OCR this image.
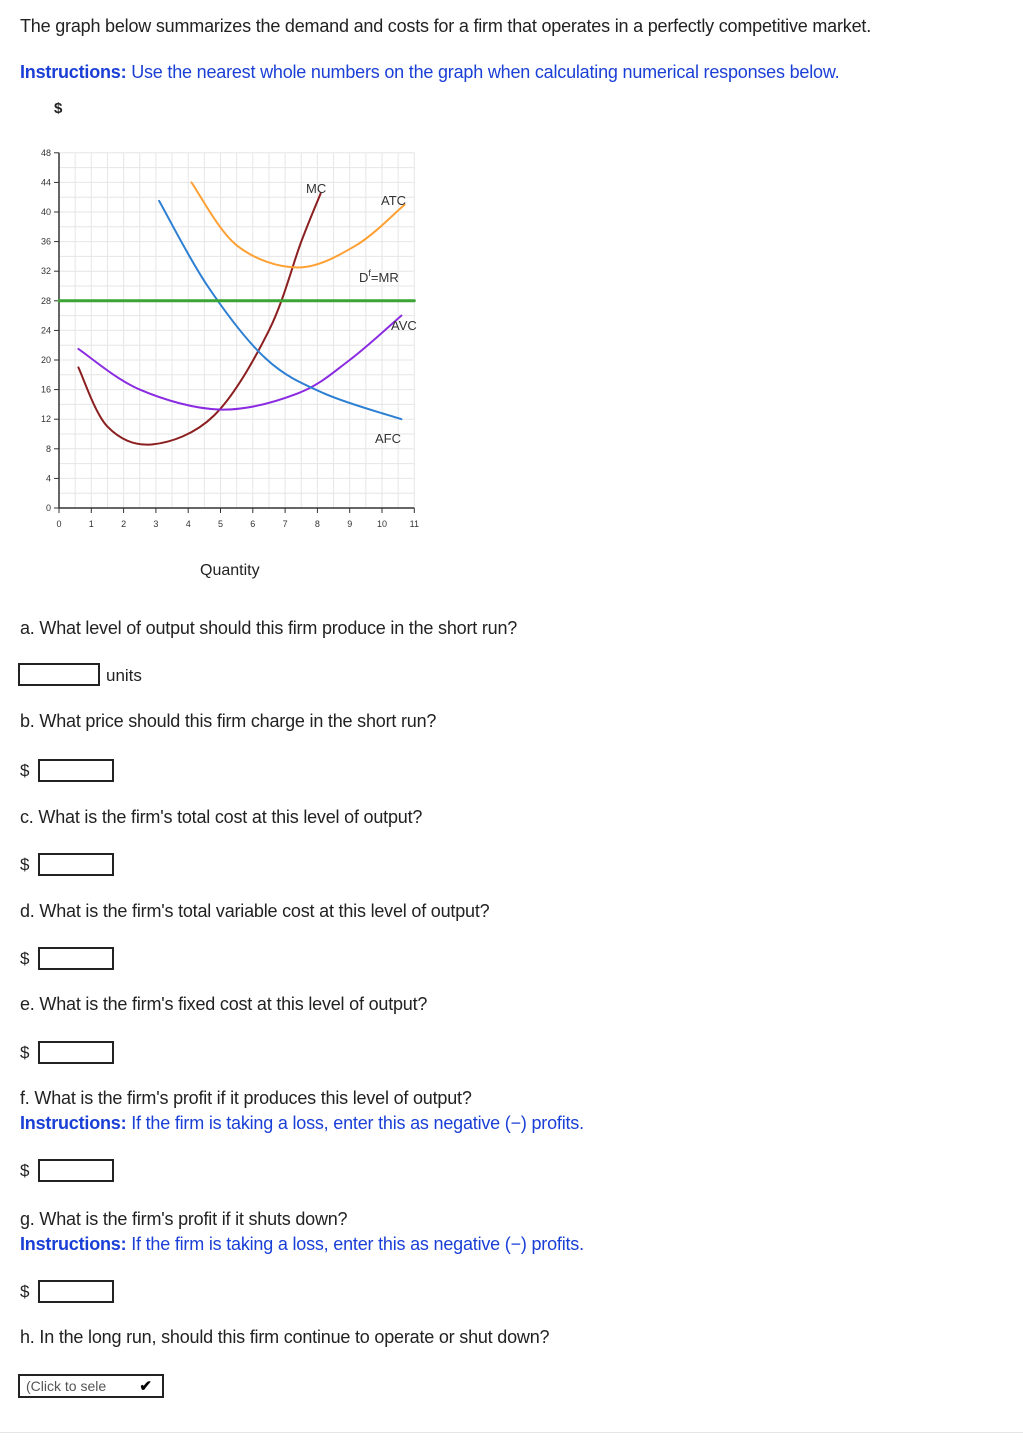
The graph below summarizes the demand and costs for a firm that operates in a perfectly competitive market.
Instructions: Use the nearest whole numbers on the graph when calculating numerical responses below.
$
0
4
8
12
16
20
24
28
32
36
40
44
48
0	1	2	3	4	5	6	7	8	9	10	11
MC
ATC
$D^f=MR$
AVC
AFC
Quantity
a. What level of output should this firm produce in the short run?
units
b. What price should this firm charge in the short run?
$
c. What is the firm's total cost at this level of output?
$
d. What is the firm's total variable cost at this level of output?
$
e. What is the firm's fixed cost at this level of output?
$
f. What is the firm's profit if it produces this level of output?
Instructions: If the firm is taking a loss, enter this as negative (−) profits.
$
g. What is the firm's profit if it shuts down?
Instructions: If the firm is taking a loss, enter this as negative (−) profits.
$
h. In the long run, should this firm continue to operate or shut down?
(Click to sele ✔
